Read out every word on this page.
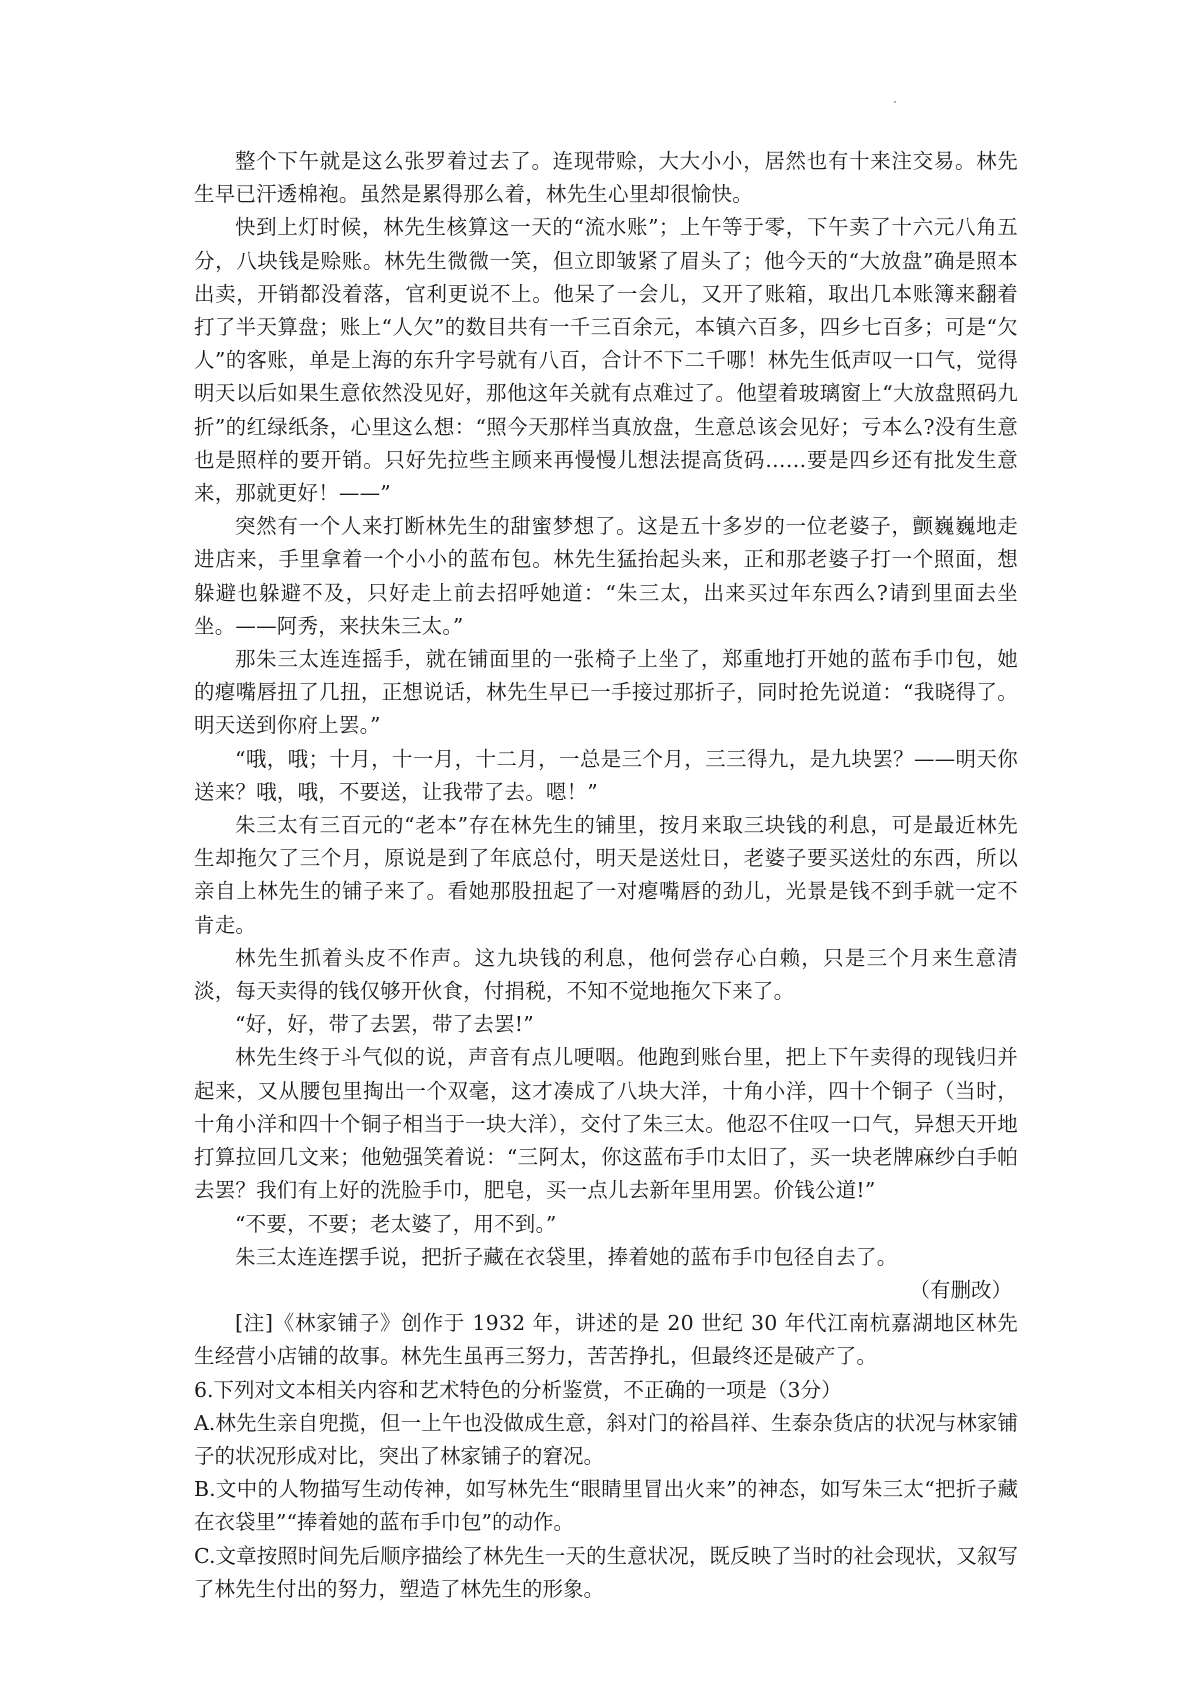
整个下午就是这么张罗着过去了。连现带赊，大大小小，居然也有十来注交易。林先生早已汗透棉袍。虽然是累得那么着，林先生心里却很愉快。

快到上灯时候，林先生核算这一天的“流水账”；上午等于零，下午卖了十六元八角五分，八块钱是赊账。林先生微微一笑，但立即皱紧了眉头了；他今天的“大放盘”确是照本出卖，开销都没着落，官利更说不上。他呆了一会儿，又开了账箱，取出几本账簿来翻着打了半天算盘；账上“人欠”的数目共有一千三百余元，本镇六百多，四乡七百多；可是“欠人”的客账，单是上海的东升字号就有八百，合计不下二千哪！林先生低声叹一口气，觉得明天以后如果生意依然没见好，那他这年关就有点难过了。他望着玻璃窗上“大放盘照码九折”的红绿纸条，心里这么想：“照今天那样当真放盘，生意总该会见好；亏本么?没有生意也是照样的要开销。只好先拉些主顾来再慢慢儿想法提高货码……要是四乡还有批发生意来，那就更好！——”

突然有一个人来打断林先生的甜蜜梦想了。这是五十多岁的一位老婆子，颤巍巍地走进店来，手里拿着一个小小的蓝布包。林先生猛抬起头来，正和那老婆子打一个照面，想躲避也躲避不及，只好走上前去招呼她道：“朱三太，出来买过年东西么?请到里面去坐坐。——阿秀，来扶朱三太。”

那朱三太连连摇手，就在铺面里的一张椅子上坐了，郑重地打开她的蓝布手巾包，她的瘪嘴唇扭了几扭，正想说话，林先生早已一手接过那折子，同时抢先说道：“我晓得了。明天送到你府上罢。”

“哦，哦；十月，十一月，十二月，一总是三个月，三三得九，是九块罢？——明天你送来？哦，哦，不要送，让我带了去。嗯！”

朱三太有三百元的“老本”存在林先生的铺里，按月来取三块钱的利息，可是最近林先生却拖欠了三个月，原说是到了年底总付，明天是送灶日，老婆子要买送灶的东西，所以亲自上林先生的铺子来了。看她那股扭起了一对瘪嘴唇的劲儿，光景是钱不到手就一定不肯走。

林先生抓着头皮不作声。这九块钱的利息，他何尝存心白赖，只是三个月来生意清淡，每天卖得的钱仅够开伙食，付捐税，不知不觉地拖欠下来了。

“好，好，带了去罢，带了去罢!”

林先生终于斗气似的说，声音有点儿哽咽。他跑到账台里，把上下午卖得的现钱归并起来，又从腰包里掏出一个双毫，这才凑成了八块大洋，十角小洋，四十个铜子（当时，十角小洋和四十个铜子相当于一块大洋），交付了朱三太。他忍不住叹一口气，异想天开地打算拉回几文来；他勉强笑着说：“三阿太，你这蓝布手巾太旧了，买一块老牌麻纱白手帕去罢？我们有上好的洗脸手巾，肥皂，买一点儿去新年里用罢。价钱公道!”

“不要，不要；老太婆了，用不到。”

朱三太连连摆手说，把折子藏在衣袋里，捧着她的蓝布手巾包径自去了。

（有删改）

[注]《林家铺子》创作于 1932 年，讲述的是 20 世纪 30 年代江南杭嘉湖地区林先生经营小店铺的故事。林先生虽再三努力，苦苦挣扎，但最终还是破产了。

6.下列对文本相关内容和艺术特色的分析鉴赏，不正确的一项是（3分）

A.林先生亲自兜揽，但一上午也没做成生意，斜对门的裕昌祥、生泰杂货店的状况与林家铺子的状况形成对比，突出了林家铺子的窘况。

B.文中的人物描写生动传神，如写林先生“眼睛里冒出火来”的神态，如写朱三太“把折子藏在衣袋里”“捧着她的蓝布手巾包”的动作。

C.文章按照时间先后顺序描绘了林先生一天的生意状况，既反映了当时的社会现状，又叙写了林先生付出的努力，塑造了林先生的形象。
